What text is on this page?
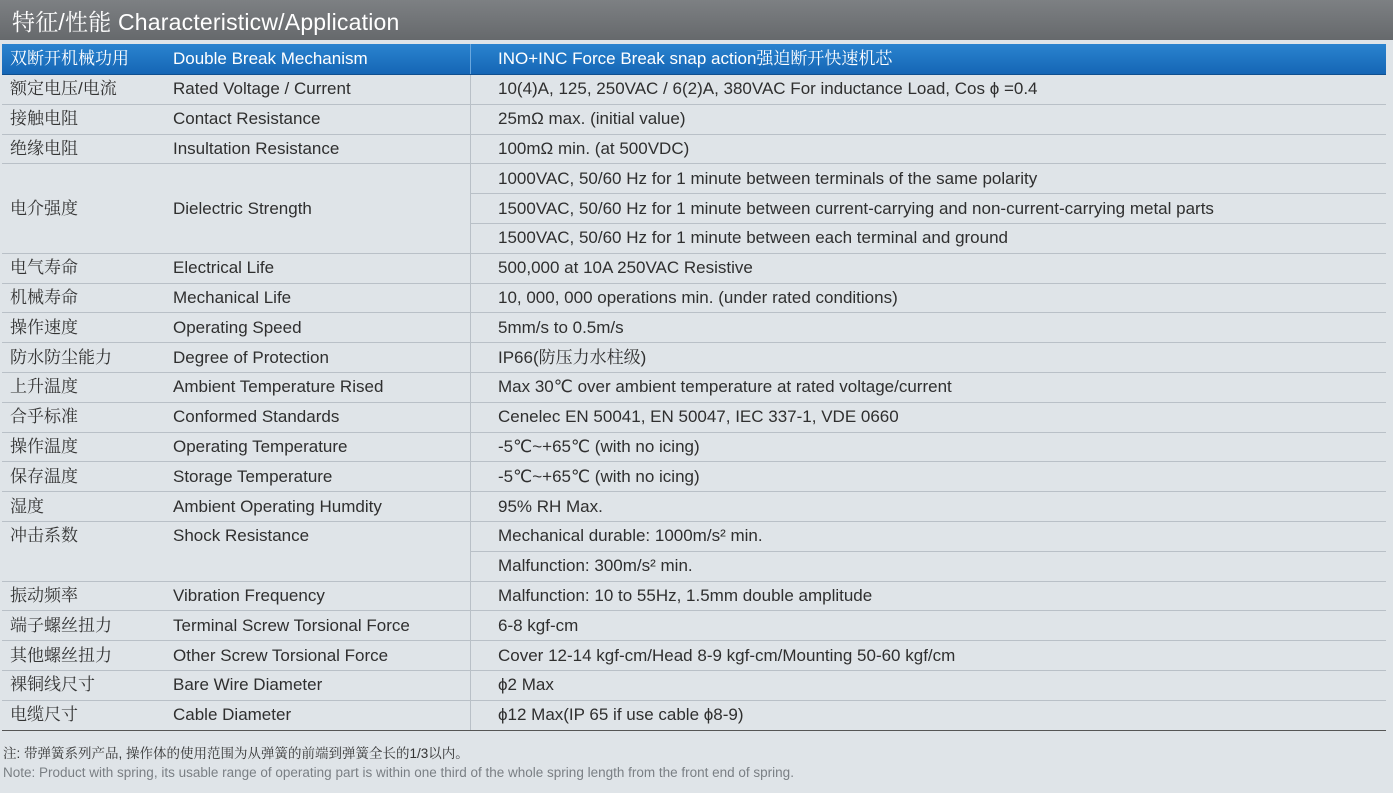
特征/性能 Characteristicw/Application
双断开机械功用	Double Break Mechanism	INO+INC Force Break snap action强迫断开快速机芯
额定电压/电流	Rated Voltage / Current	10(4)A, 125, 250VAC / 6(2)A, 380VAC For inductance Load, Cos ϕ =0.4
接触电阻	Contact Resistance	25mΩ max. (initial value)
绝缘电阻	Insultation Resistance	100mΩ min. (at 500VDC)
电介强度	Dielectric Strength	1000VAC, 50/60 Hz for 1 minute between terminals of the same polarity
		1500VAC, 50/60 Hz for 1 minute between current-carrying and non-current-carrying metal parts
		1500VAC, 50/60 Hz for 1 minute between each terminal and ground
电气寿命	Electrical Life	500,000 at 10A 250VAC Resistive
机械寿命	Mechanical Life	10, 000, 000 operations min. (under rated conditions)
操作速度	Operating Speed	5mm/s to 0.5m/s
防水防尘能力	Degree of Protection	IP66(防压力水柱级)
上升温度	Ambient Temperature Rised	Max 30℃ over ambient temperature at rated voltage/current
合乎标准	Conformed Standards	Cenelec EN 50041, EN 50047, IEC 337-1, VDE 0660
操作温度	Operating Temperature	-5℃~+65℃ (with no icing)
保存温度	Storage Temperature	-5℃~+65℃ (with no icing)
湿度	Ambient Operating Humdity	95% RH Max.
冲击系数	Shock Resistance	Mechanical durable: 1000m/s² min.
		Malfunction: 300m/s² min.
振动频率	Vibration Frequency	Malfunction: 10 to 55Hz, 1.5mm double amplitude
端子螺丝扭力	Terminal Screw Torsional Force	6-8 kgf-cm
其他螺丝扭力	Other Screw Torsional Force	Cover 12-14 kgf-cm/Head 8-9 kgf-cm/Mounting 50-60 kgf/cm
裸铜线尺寸	Bare Wire Diameter	ϕ2 Max
电缆尺寸	Cable Diameter	ϕ12 Max(IP 65 if use cable ϕ8-9)
注: 带弹簧系列产品, 操作体的使用范围为从弹簧的前端到弹簧全长的1/3以内。
Note: Product with spring, its usable range of operating part is within one third of the whole spring length from the front end of spring.
